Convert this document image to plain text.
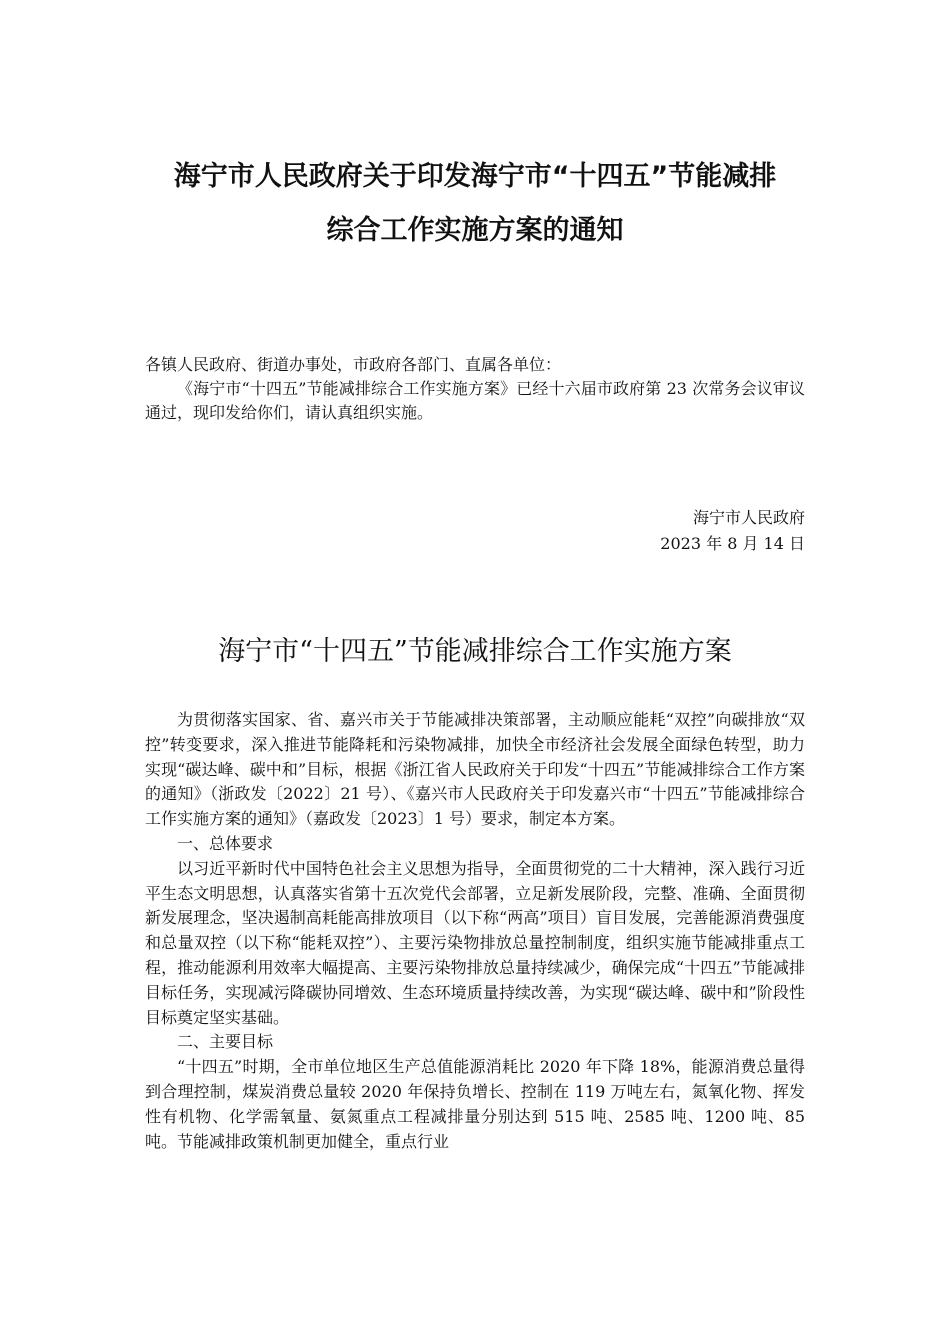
海宁市人民政府关于印发海宁市“十四五”节能减排
综合工作实施方案的通知

各镇人民政府、街道办事处，市政府各部门、直属各单位：

《海宁市“十四五”节能减排综合工作实施方案》已经十六届市政府第 23 次常务会议审议通过，现印发给你们，请认真组织实施。

海宁市人民政府
2023 年 8 月 14 日
海宁市“十四五”节能减排综合工作实施方案

为贯彻落实国家、省、嘉兴市关于节能减排决策部署，主动顺应能耗“双控”向碳排放“双控”转变要求，深入推进节能降耗和污染物减排，加快全市经济社会发展全面绿色转型，助力实现“碳达峰、碳中和”目标，根据《浙江省人民政府关于印发“十四五”节能减排综合工作方案的通知》（浙政发〔2022〕21 号）、《嘉兴市人民政府关于印发嘉兴市“十四五”节能减排综合工作实施方案的通知》（嘉政发〔2023〕1 号）要求，制定本方案。

一、总体要求

以习近平新时代中国特色社会主义思想为指导，全面贯彻党的二十大精神，深入践行习近平生态文明思想，认真落实省第十五次党代会部署，立足新发展阶段，完整、准确、全面贯彻新发展理念，坚决遏制高耗能高排放项目（以下称“两高”项目）盲目发展，完善能源消费强度和总量双控（以下称“能耗双控”）、主要污染物排放总量控制制度，组织实施节能减排重点工程，推动能源利用效率大幅提高、主要污染物排放总量持续减少，确保完成“十四五”节能减排目标任务，实现减污降碳协同增效、生态环境质量持续改善，为实现“碳达峰、碳中和”阶段性目标奠定坚实基础。

二、主要目标

“十四五”时期，全市单位地区生产总值能源消耗比 2020 年下降 18%，能源消费总量得到合理控制，煤炭消费总量较 2020 年保持负增长、控制在 119 万吨左右，氮氧化物、挥发性有机物、化学需氧量、氨氮重点工程减排量分别达到 515 吨、2585 吨、1200 吨、85 吨。节能减排政策机制更加健全，重点行业
